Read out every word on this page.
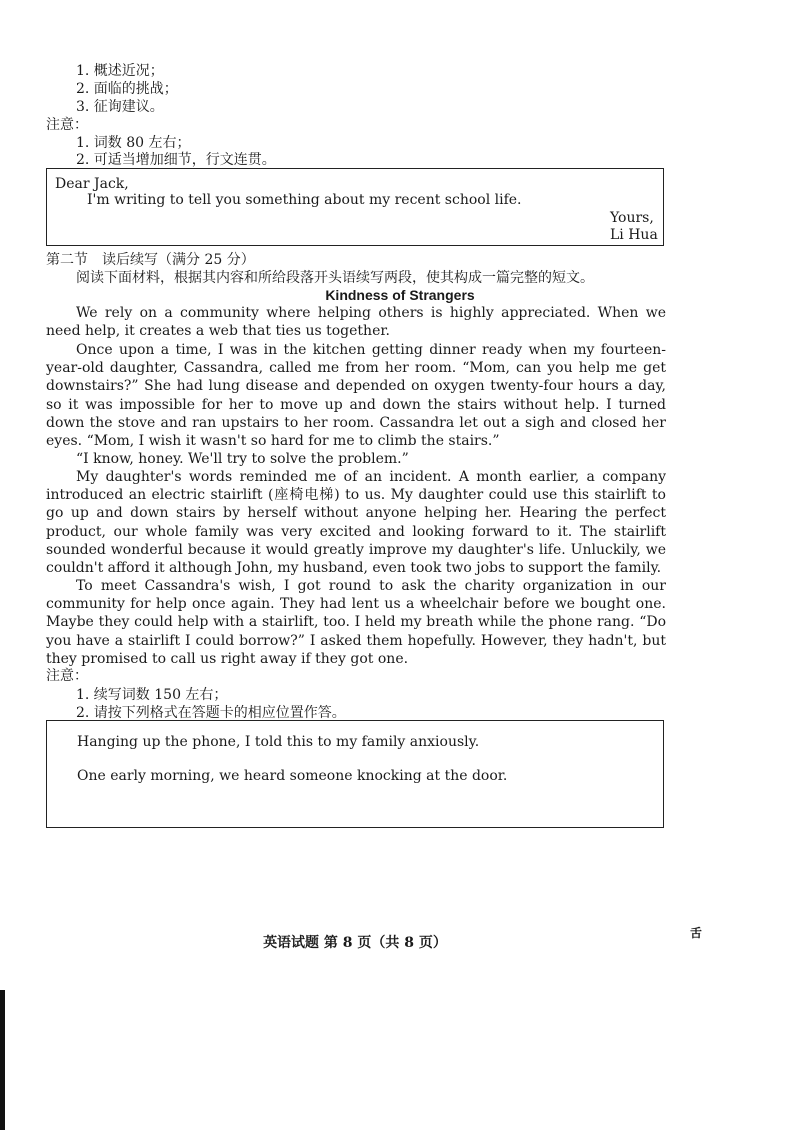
1. 概述近况；
2. 面临的挑战；
3. 征询建议。
注意：
1. 词数 80 左右；
2. 可适当增加细节，行文连贯。
Dear Jack,
I'm writing to tell you something about my recent school life.
Yours,
Li Hua
第二节　读后续写（满分 25 分）
阅读下面材料，根据其内容和所给段落开头语续写两段，使其构成一篇完整的短文。
Kindness of Strangers

We rely on a community where helping others is highly appreciated. When we need help, it creates a web that ties us together.

Once upon a time, I was in the kitchen getting dinner ready when my fourteen-year-old daughter, Cassandra, called me from her room. “Mom, can you help me get downstairs?” She had lung disease and depended on oxygen twenty-four hours a day, so it was impossible for her to move up and down the stairs without help. I turned down the stove and ran upstairs to her room. Cassandra let out a sigh and closed her eyes. “Mom, I wish it wasn't so hard for me to climb the stairs.”

“I know, honey. We'll try to solve the problem.”

My daughter's words reminded me of an incident. A month earlier, a company introduced an electric stairlift (座椅电梯) to us. My daughter could use this stairlift to go up and down stairs by herself without anyone helping her. Hearing the perfect product, our whole family was very excited and looking forward to it. The stairlift sounded wonderful because it would greatly improve my daughter's life. Unluckily, we couldn't afford it although John, my husband, even took two jobs to support the family.

To meet Cassandra's wish, I got round to ask the charity organization in our community for help once again. They had lent us a wheelchair before we bought one. Maybe they could help with a stairlift, too. I held my breath while the phone rang. “Do you have a stairlift I could borrow?” I asked them hopefully. However, they hadn't, but they promised to call us right away if they got one.

注意：
1. 续写词数 150 左右；
2. 请按下列格式在答题卡的相应位置作答。
Hanging up the phone, I told this to my family anxiously.
One early morning, we heard someone knocking at the door.
英语试题 第 8 页（共 8 页）
舌
